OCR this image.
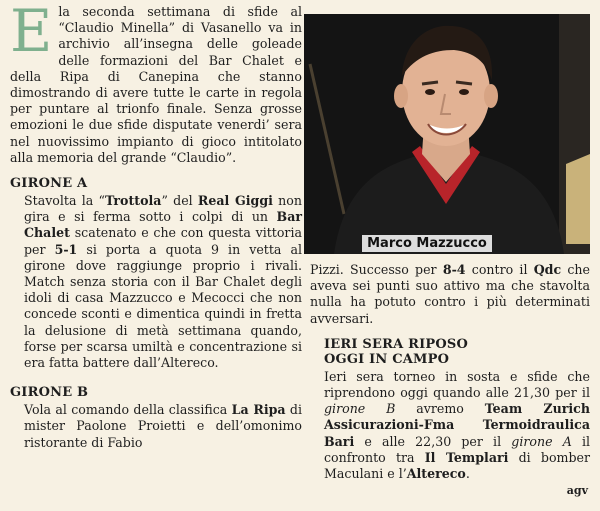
Ela seconda settimana di sfide al “Claudio Minella” di Vasanello va in archivio all’insegna delle goleade delle formazioni del Bar Chalet e della Ripa di Canepina che stanno dimostrando di avere tutte le carte in regola per puntare al trionfo finale. Senza grosse emozioni le due sfide disputate venerdi’ sera nel nuovissimo impianto di gioco intitolato alla memoria del grande “Claudio”.

GIRONE A

Stavolta la “Trottola” del Real Giggi non gira e si ferma sotto i colpi di un Bar Chalet scatenato e che con questa vittoria per 5-1 si porta a quota 9 in vetta al girone dove raggiunge proprio i rivali. Match senza storia con il Bar Chalet degli idoli di casa Mazzucco e Mecocci che non concede sconti e dimentica quindi in fretta la delusione di metà settimana quando, forse per scarsa umiltà e concentrazione si era fatta battere dall’Altereco.

GIRONE B

Vola al comando della classifica La Ripa di mister Paolone Proietti e dell’omonimo ristorante di Fabio

Marco Mazzucco

Pizzi. Successo per 8-4 contro il Qdc che aveva sei punti suo attivo ma che stavolta nulla ha potuto contro i più determinati avversari.

IERI SERA RIPOSO
OGGI IN CAMPO

Ieri sera torneo in sosta e sfide che riprendono oggi quando alle 21,30 per il girone B avremo Team Zurich Assicurazioni-Fma Termoidraulica Bari e alle 22,30 per il girone A il confronto tra Il Templari di bomber Maculani e l’Altereco.

agv
